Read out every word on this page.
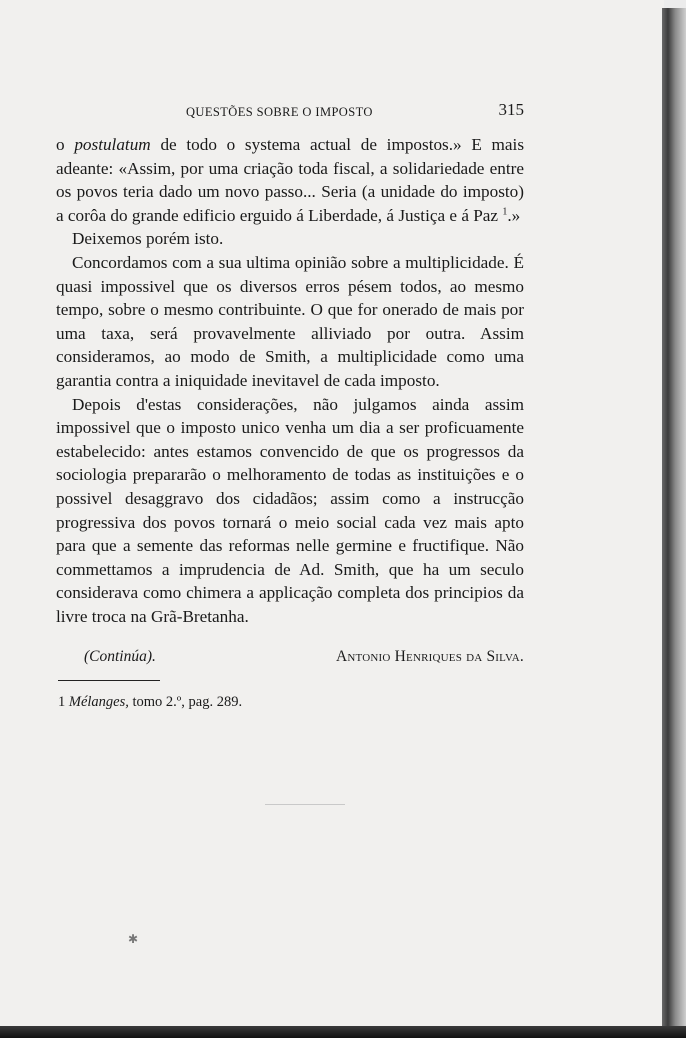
QUESTÕES SOBRE O IMPOSTO	315

o postulatum de todo o systema actual de impostos.» E mais adeante: «Assim, por uma criação toda fiscal, a solidariedade entre os povos teria dado um novo passo... Seria (a unidade do imposto) a corôa do grande edificio erguido á Liberdade, á Justiça e á Paz $^1$.»

Deixemos porém isto.

Concordamos com a sua ultima opinião sobre a multiplicidade. É quasi impossivel que os diversos erros pésem todos, ao mesmo tempo, sobre o mesmo contribuinte. O que for onerado de mais por uma taxa, será provavelmente alliviado por outra. Assim consideramos, ao modo de Smith, a multiplicidade como uma garantia contra a iniquidade inevitavel de cada imposto.

Depois d'estas considerações, não julgamos ainda assim impossivel que o imposto unico venha um dia a ser proficuamente estabelecido: antes estamos convencido de que os progressos da sociologia prepararão o melhoramento de todas as instituições e o possivel desaggravo dos cidadãos; assim como a instrucção progressiva dos povos tornará o meio social cada vez mais apto para que a semente das reformas nelle germine e fructifique. Não commettamos a imprudencia de Ad. Smith, que ha um seculo considerava como chimera a applicação completa dos principios da livre troca na Grã-Bretanha.

(Continúa).	Antonio Henriques da Silva.
1 Mélanges, tomo 2.º, pag. 289.
✱
